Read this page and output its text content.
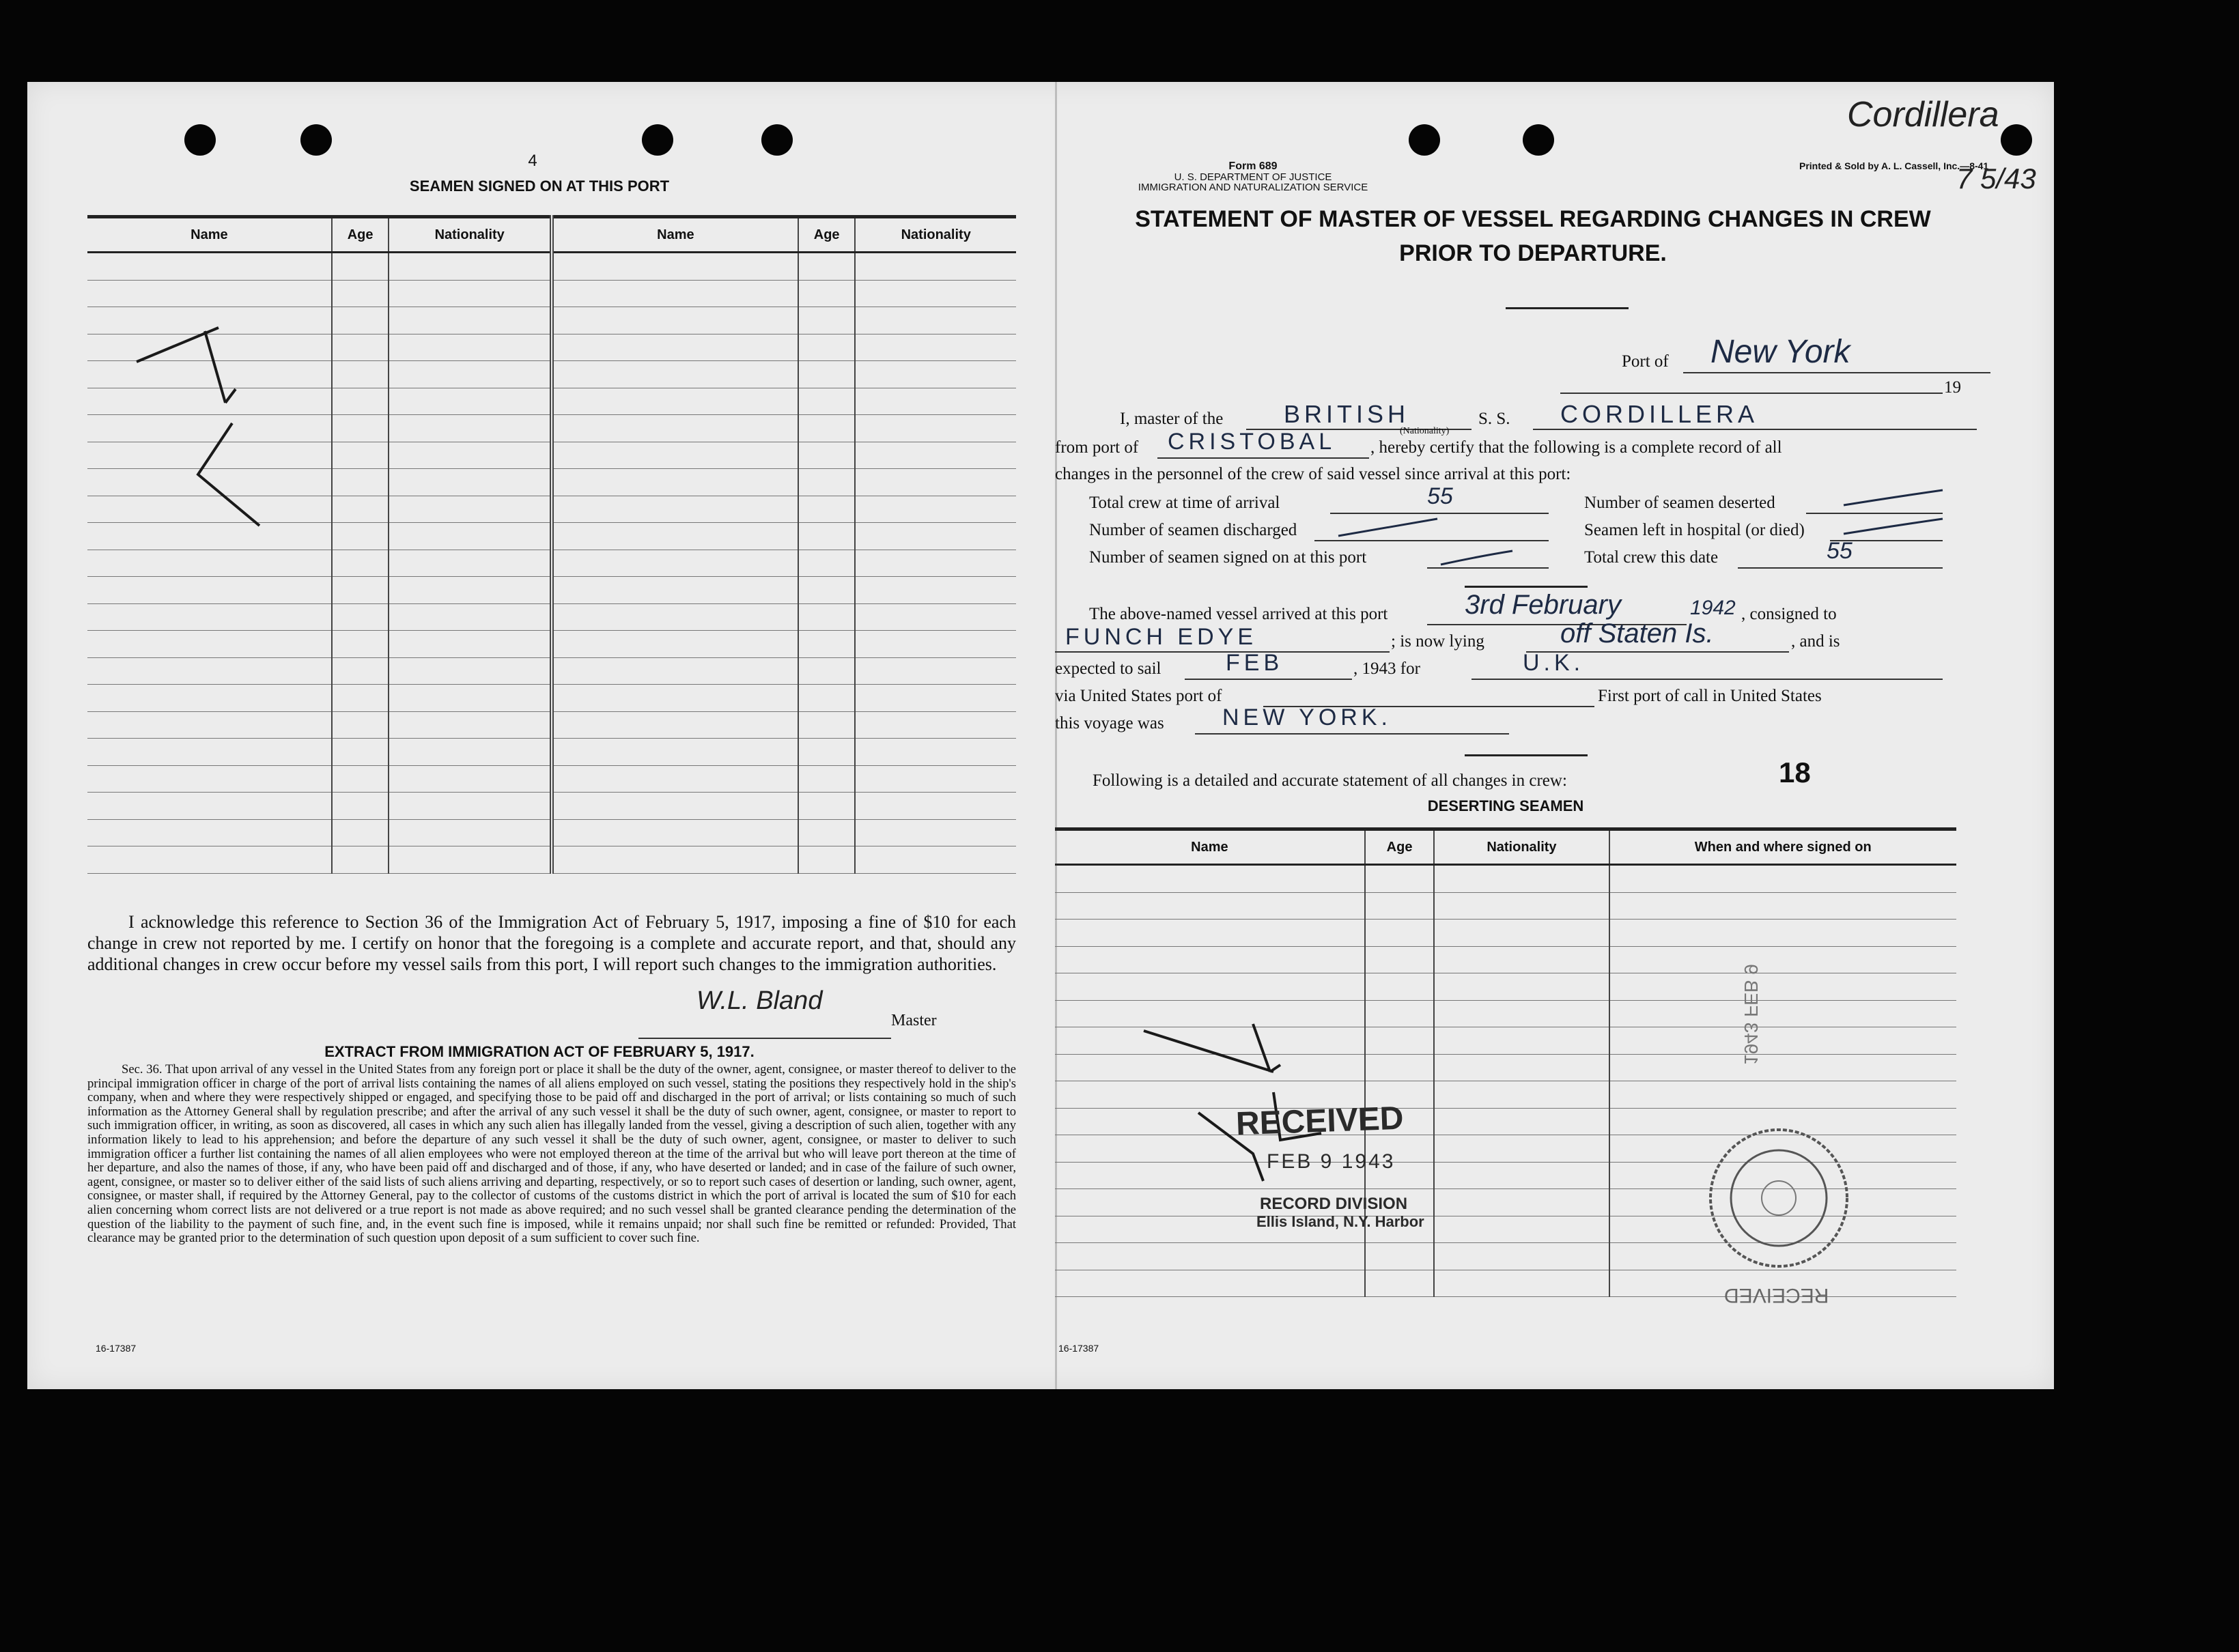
4
SEAMEN SIGNED ON AT THIS PORT
Name	Age	Nationality	Name	Age	Nationality

I acknowledge this reference to Section 36 of the Immigration Act of February 5, 1917, imposing a fine of $10 for each change in crew not reported by me. I certify on honor that the foregoing is a complete and accurate report, and that, should any additional changes in crew occur before my vessel sails from this port, I will report such changes to the immigration authorities.
W.L. Bland
Master
EXTRACT FROM IMMIGRATION ACT OF FEBRUARY 5, 1917.
Sec. 36. That upon arrival of any vessel in the United States from any foreign port or place it shall be the duty of the owner, agent, consignee, or master thereof to deliver to the principal immigration officer in charge of the port of arrival lists containing the names of all aliens employed on such vessel, stating the positions they respectively hold in the ship's company, when and where they were respectively shipped or engaged, and specifying those to be paid off and discharged in the port of arrival; or lists containing so much of such information as the Attorney General shall by regulation prescribe; and after the arrival of any such vessel it shall be the duty of such owner, agent, consignee, or master to report to such immigration officer, in writing, as soon as discovered, all cases in which any such alien has illegally landed from the vessel, giving a description of such alien, together with any information likely to lead to his apprehension; and before the departure of any such vessel it shall be the duty of such owner, agent, consignee, or master to deliver to such immigration officer a further list containing the names of all alien employees who were not employed thereon at the time of the arrival but who will leave port thereon at the time of her departure, and also the names of those, if any, who have been paid off and discharged and of those, if any, who have deserted or landed; and in case of the failure of such owner, agent, consignee, or master so to deliver either of the said lists of such aliens arriving and departing, respectively, or so to report such cases of desertion or landing, such owner, agent, consignee, or master shall, if required by the Attorney General, pay to the collector of customs of the customs district in which the port of arrival is located the sum of $10 for each alien concerning whom correct lists are not delivered or a true report is not made as above required; and no such vessel shall be granted clearance pending the determination of the question of the liability to the payment of such fine, and, in the event such fine is imposed, while it remains unpaid; nor shall such fine be remitted or refunded: Provided, That clearance may be granted prior to the determination of such question upon deposit of a sum sufficient to cover such fine.
16-17387
Form 689
U. S. DEPARTMENT OF JUSTICE
IMMIGRATION AND NATURALIZATION SERVICE
Printed & Sold by A. L. Cassell, Inc.—8-41
Cordillera
7 5/43
STATEMENT OF MASTER OF VESSEL REGARDING CHANGES IN CREW
PRIOR TO DEPARTURE.
Port of New York
19
I, master of the BRITISH
(Nationality)
S. S. CORDILLERA
from port of CRISTOBAL , hereby certify that the following is a complete record of all
changes in the personnel of the crew of said vessel since arrival at this port:
Total crew at time of arrival	55	Number of seamen deserted
Number of seamen discharged	Seamen left in hospital (or died)
Number of seamen signed on at this port	Total crew this date	55
The above-named vessel arrived at this port	3rd February	1942 , consigned to
FUNCH EDYE	; is now lying	off Staten Is.	, and is
expected to sail	FEB	, 1943 for	U.K.
via United States port of	First port of call in United States
this voyage was	NEW YORK.
Following is a detailed and accurate statement of all changes in crew:	18
DESERTING SEAMEN
Name	Age	Nationality	When and where signed on

RECEIVED
FEB 9 1943
RECORD DIVISION
Ellis Island, N.Y. Harbor
1943 FEB 9
RECEIVED
16-17387
